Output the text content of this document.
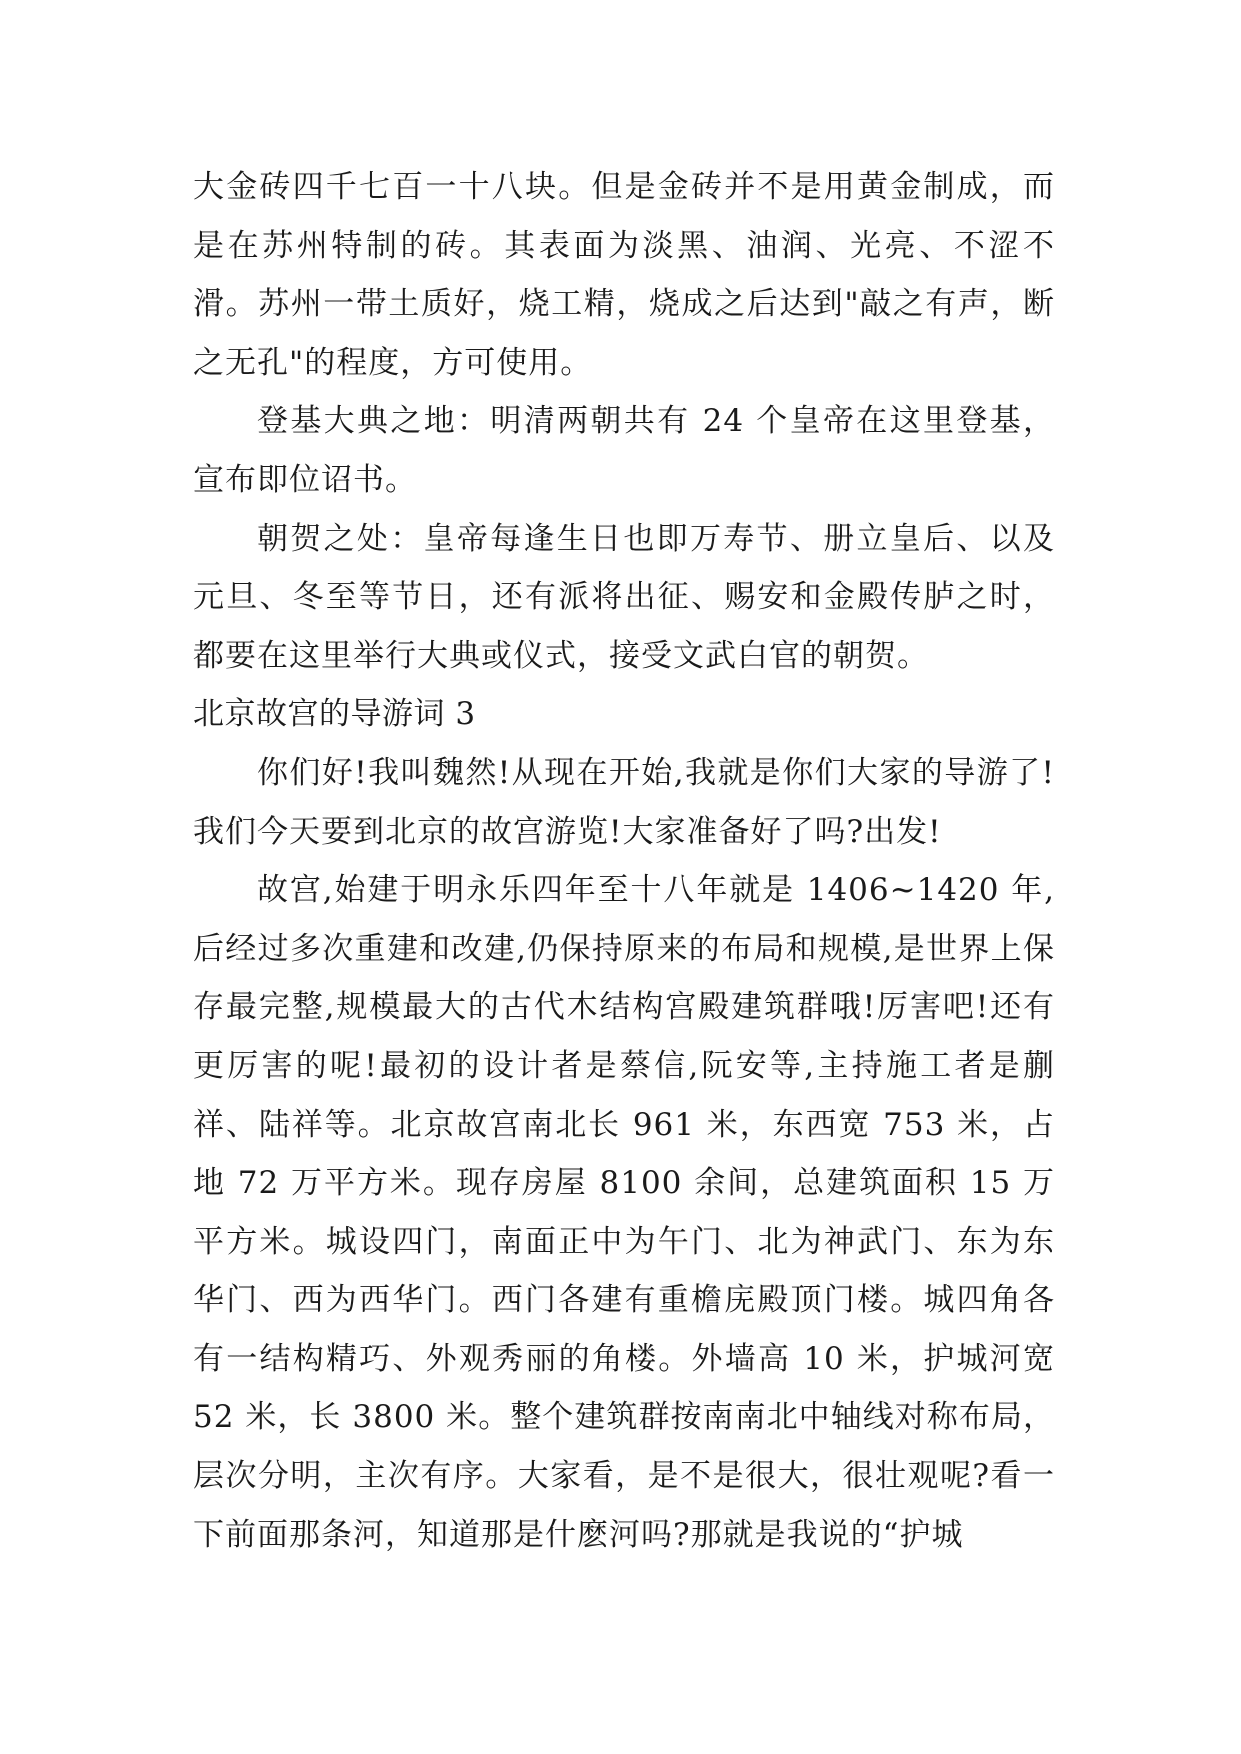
大金砖四千七百一十八块。但是金砖并不是用黄金制成，而是在苏州特制的砖。其表面为淡黑、油润、光亮、不涩不滑。苏州一带土质好，烧工精，烧成之后达到"敲之有声，断之无孔"的程度，方可使用。

登基大典之地：明清两朝共有 24 个皇帝在这里登基，宣布即位诏书。

朝贺之处：皇帝每逢生日也即万寿节、册立皇后、以及元旦、冬至等节日，还有派将出征、赐安和金殿传胪之时，都要在这里举行大典或仪式，接受文武白官的朝贺。

北京故宫的导游词 3

你们好!我叫魏然!从现在开始,我就是你们大家的导游了!我们今天要到北京的故宫游览!大家准备好了吗?出发!

故宫,始建于明永乐四年至十八年就是 1406~1420 年,后经过多次重建和改建,仍保持原来的布局和规模,是世界上保存最完整,规模最大的古代木结构宫殿建筑群哦!厉害吧!还有更厉害的呢!最初的设计者是蔡信,阮安等,主持施工者是蒯祥、陆祥等。北京故宫南北长 961 米，东西宽 753 米，占地 72 万平方米。现存房屋 8100 余间，总建筑面积 15 万平方米。城设四门，南面正中为午门、北为神武门、东为东华门、西为西华门。西门各建有重檐庑殿顶门楼。城四角各有一结构精巧、外观秀丽的角楼。外墙高 10 米，护城河宽 52 米，长 3800 米。整个建筑群按南南北中轴线对称布局，层次分明，主次有序。大家看，是不是很大，很壮观呢?看一下前面那条河，知道那是什麽河吗?那就是我说的“护城
